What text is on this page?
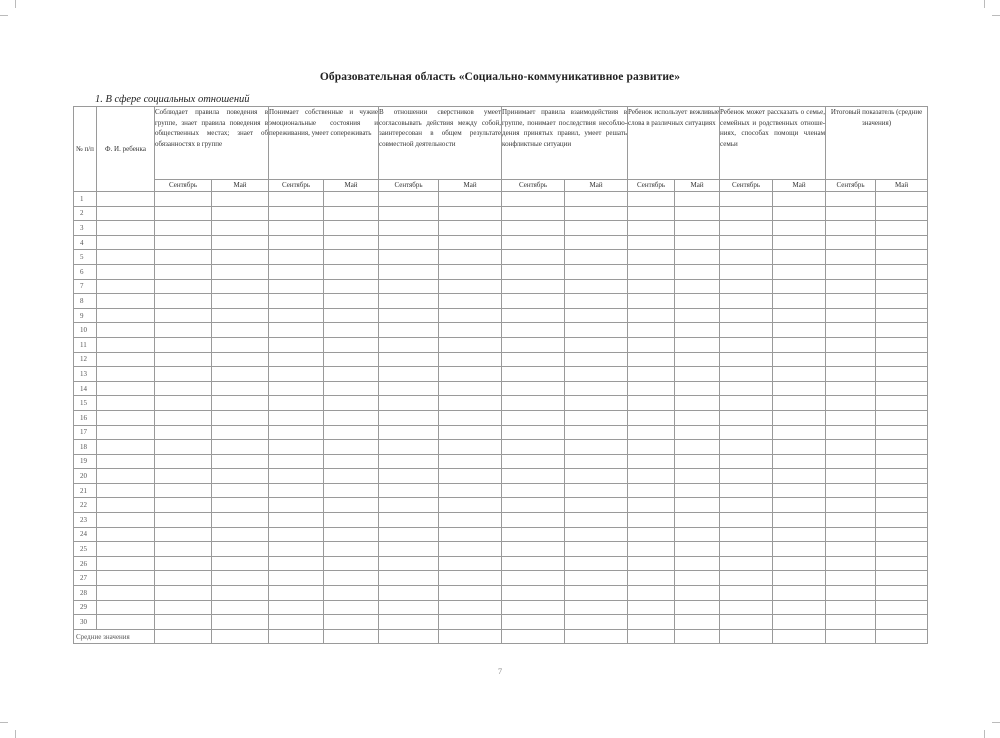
Образовательная область «Социально-коммуникативное развитие»
1. В сфере социальных отношений
№ п/п	Ф. И. ребенка	Соблюдает правила поведения в группе, знает правила поведения в общественных местах; знает об обязанностях в группе		Понимает собственные и чужие эмоциональные состояния и переживания, умеет сопереживать		В отношении сверстников умеет согласовывать действия между собой, заинтересован в общем результате совместной деятельности		Принимает правила взаимодействия в группе, понимает последствия несоблюдения принятых правил, умеет решать конфликтные ситуации		Ребенок использует вежливые слова в различных ситуациях		Ребенок может рассказать о семье, семейных и родственных отношениях, способах помощи членам семьи		Итоговый показатель (средние значения)	
		Сентябрь	Май	Сентябрь	Май	Сентябрь	Май	Сентябрь	Май	Сентябрь	Май	Сентябрь	Май	Сентябрь	Май
1															
2															
3															
4															
5															
6															
7															
8															
9															
10															
11															
12															
13															
14															
15															
16															
17															
18															
19															
20															
21															
22															
23															
24															
25															
26															
27															
28															
29															
30															
Средние значения															
7
